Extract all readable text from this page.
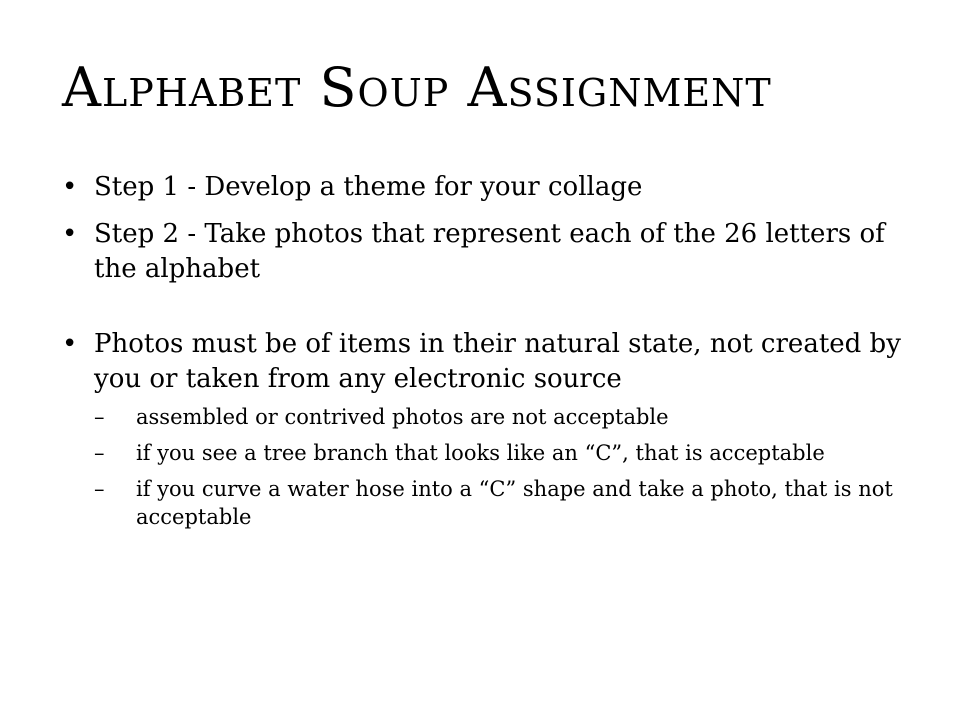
Alphabet Soup Assignment
• Step 1 - Develop a theme for your collage
• Step 2 - Take photos that represent each of the 26 letters of the alphabet
• Photos must be of items in their natural state, not created by you or taken from any electronic source
– assembled or contrived photos are not acceptable
– if you see a tree branch that looks like an “C”, that is acceptable
– if you curve a water hose into a “C” shape and take a photo, that is not acceptable
